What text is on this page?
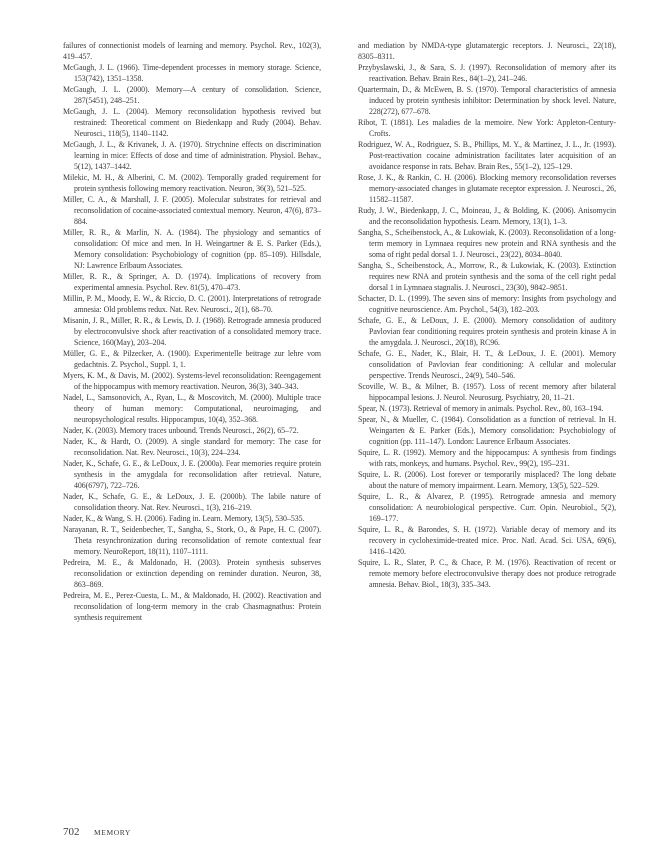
failures of connectionist models of learning and memory. Psychol. Rev., 102(3), 419–457.

McGaugh, J. L. (1966). Time-dependent processes in memory storage. Science, 153(742), 1351–1358.

McGaugh, J. L. (2000). Memory—A century of consolidation. Science, 287(5451), 248–251.

McGaugh, J. L. (2004). Memory reconsolidation hypothesis revived but restrained: Theoretical comment on Biedenkapp and Rudy (2004). Behav. Neurosci., 118(5), 1140–1142.

McGaugh, J. L., & Krivanek, J. A. (1970). Strychnine effects on discrimination learning in mice: Effects of dose and time of administration. Physiol. Behav., 5(12), 1437–1442.

Milekic, M. H., & Alberini, C. M. (2002). Temporally graded requirement for protein synthesis following memory reactivation. Neuron, 36(3), 521–525.

Miller, C. A., & Marshall, J. F. (2005). Molecular substrates for retrieval and reconsolidation of cocaine-associated contextual memory. Neuron, 47(6), 873–884.

Miller, R. R., & Marlin, N. A. (1984). The physiology and semantics of consolidation: Of mice and men. In H. Weingartner & E. S. Parker (Eds.), Memory consolidation: Psychobiology of cognition (pp. 85–109). Hillsdale, NJ: Lawrence Erlbaum Associates.

Miller, R. R., & Springer, A. D. (1974). Implications of recovery from experimental amnesia. Psychol. Rev. 81(5), 470–473.

Millin, P. M., Moody, E. W., & Riccio, D. C. (2001). Interpretations of retrograde amnesia: Old problems redux. Nat. Rev. Neurosci., 2(1), 68–70.

Misanin, J. R., Miller, R. R., & Lewis, D. J. (1968). Retrograde amnesia produced by electroconvulsive shock after reactivation of a consolidated memory trace. Science, 160(May), 203–204.

Müller, G. E., & Pilzecker, A. (1900). Experimentelle beitrage zur lehre vom gedachtnis. Z. Psychol., Suppl. 1, 1.

Myers, K. M., & Davis, M. (2002). Systems-level reconsolidation: Reengagement of the hippocampus with memory reactivation. Neuron, 36(3), 340–343.

Nadel, L., Samsonovich, A., Ryan, L., & Moscovitch, M. (2000). Multiple trace theory of human memory: Computational, neuroimaging, and neuropsychological results. Hippocampus, 10(4), 352–368.

Nader, K. (2003). Memory traces unbound. Trends Neurosci., 26(2), 65–72.

Nader, K., & Hardt, O. (2009). A single standard for memory: The case for reconsolidation. Nat. Rev. Neurosci., 10(3), 224–234.

Nader, K., Schafe, G. E., & LeDoux, J. E. (2000a). Fear memories require protein synthesis in the amygdala for reconsolidation after retrieval. Nature, 406(6797), 722–726.

Nader, K., Schafe, G. E., & LeDoux, J. E. (2000b). The labile nature of consolidation theory. Nat. Rev. Neurosci., 1(3), 216–219.

Nader, K., & Wang, S. H. (2006). Fading in. Learn. Memory, 13(5), 530–535.

Narayanan, R. T., Seidenbecher, T., Sangha, S., Stork, O., & Pape, H. C. (2007). Theta resynchronization during reconsolidation of remote contextual fear memory. NeuroReport, 18(11), 1107–1111.

Pedreira, M. E., & Maldonado, H. (2003). Protein synthesis subserves reconsolidation or extinction depending on reminder duration. Neuron, 38, 863–869.

Pedreira, M. E., Perez-Cuesta, L. M., & Maldonado, H. (2002). Reactivation and reconsolidation of long-term memory in the crab Chasmagnathus: Protein synthesis requirement

and mediation by NMDA-type glutamatergic receptors. J. Neurosci., 22(18), 8305–8311.

Przybyslawski, J., & Sara, S. J. (1997). Reconsolidation of memory after its reactivation. Behav. Brain Res., 84(1–2), 241–246.

Quartermain, D., & McEwen, B. S. (1970). Temporal characteristics of amnesia induced by protein synthesis inhibitor: Determination by shock level. Nature, 228(272), 677–678.

Ribot, T. (1881). Les maladies de la memoire. New York: Appleton-Century-Crofts.

Rodriguez, W. A., Rodriguez, S. B., Phillips, M. Y., & Martinez, J. L., Jr. (1993). Post-reactivation cocaine administration facilitates later acquisition of an avoidance response in rats. Behav. Brain Res., 55(1–2), 125–129.

Rose, J. K., & Rankin, C. H. (2006). Blocking memory reconsolidation reverses memory-associated changes in glutamate receptor expression. J. Neurosci., 26, 11582–11587.

Rudy, J. W., Biedenkapp, J. C., Moineau, J., & Bolding, K. (2006). Anisomycin and the reconsolidation hypothesis. Learn. Memory, 13(1), 1–3.

Sangha, S., Scheibenstock, A., & Lukowiak, K. (2003). Reconsolidation of a long-term memory in Lymnaea requires new protein and RNA synthesis and the soma of right pedal dorsal 1. J. Neurosci., 23(22), 8034–8040.

Sangha, S., Scheibenstock, A., Morrow, R., & Lukowiak, K. (2003). Extinction requires new RNA and protein synthesis and the soma of the cell right pedal dorsal 1 in Lymnaea stagnalis. J. Neurosci., 23(30), 9842–9851.

Schacter, D. L. (1999). The seven sins of memory: Insights from psychology and cognitive neuroscience. Am. Psychol., 54(3), 182–203.

Schafe, G. E., & LeDoux, J. E. (2000). Memory consolidation of auditory Pavlovian fear conditioning requires protein synthesis and protein kinase A in the amygdala. J. Neurosci., 20(18), RC96.

Schafe, G. E., Nader, K., Blair, H. T., & LeDoux, J. E. (2001). Memory consolidation of Pavlovian fear conditioning: A cellular and molecular perspective. Trends Neurosci., 24(9), 540–546.

Scoville, W. B., & Milner, B. (1957). Loss of recent memory after bilateral hippocampal lesions. J. Neurol. Neurosurg. Psychiatry, 20, 11–21.

Spear, N. (1973). Retrieval of memory in animals. Psychol. Rev., 80, 163–194.

Spear, N., & Mueller, C. (1984). Consolidation as a function of retrieval. In H. Weingarten & E. Parker (Eds.), Memory consolidation: Psychobiology of cognition (pp. 111–147). London: Laurence Erlbaum Associates.

Squire, L. R. (1992). Memory and the hippocampus: A synthesis from findings with rats, monkeys, and humans. Psychol. Rev., 99(2), 195–231.

Squire, L. R. (2006). Lost forever or temporarily misplaced? The long debate about the nature of memory impairment. Learn. Memory, 13(5), 522–529.

Squire, L. R., & Alvarez, P. (1995). Retrograde amnesia and memory consolidation: A neurobiological perspective. Curr. Opin. Neurobiol., 5(2), 169–177.

Squire, L. R., & Barondes, S. H. (1972). Variable decay of memory and its recovery in cycloheximide-treated mice. Proc. Natl. Acad. Sci. USA, 69(6), 1416–1420.

Squire, L. R., Slater, P. C., & Chace, P. M. (1976). Reactivation of recent or remote memory before electroconvulsive therapy does not produce retrograde amnesia. Behav. Biol., 18(3), 335–343.

702 MEMORY
